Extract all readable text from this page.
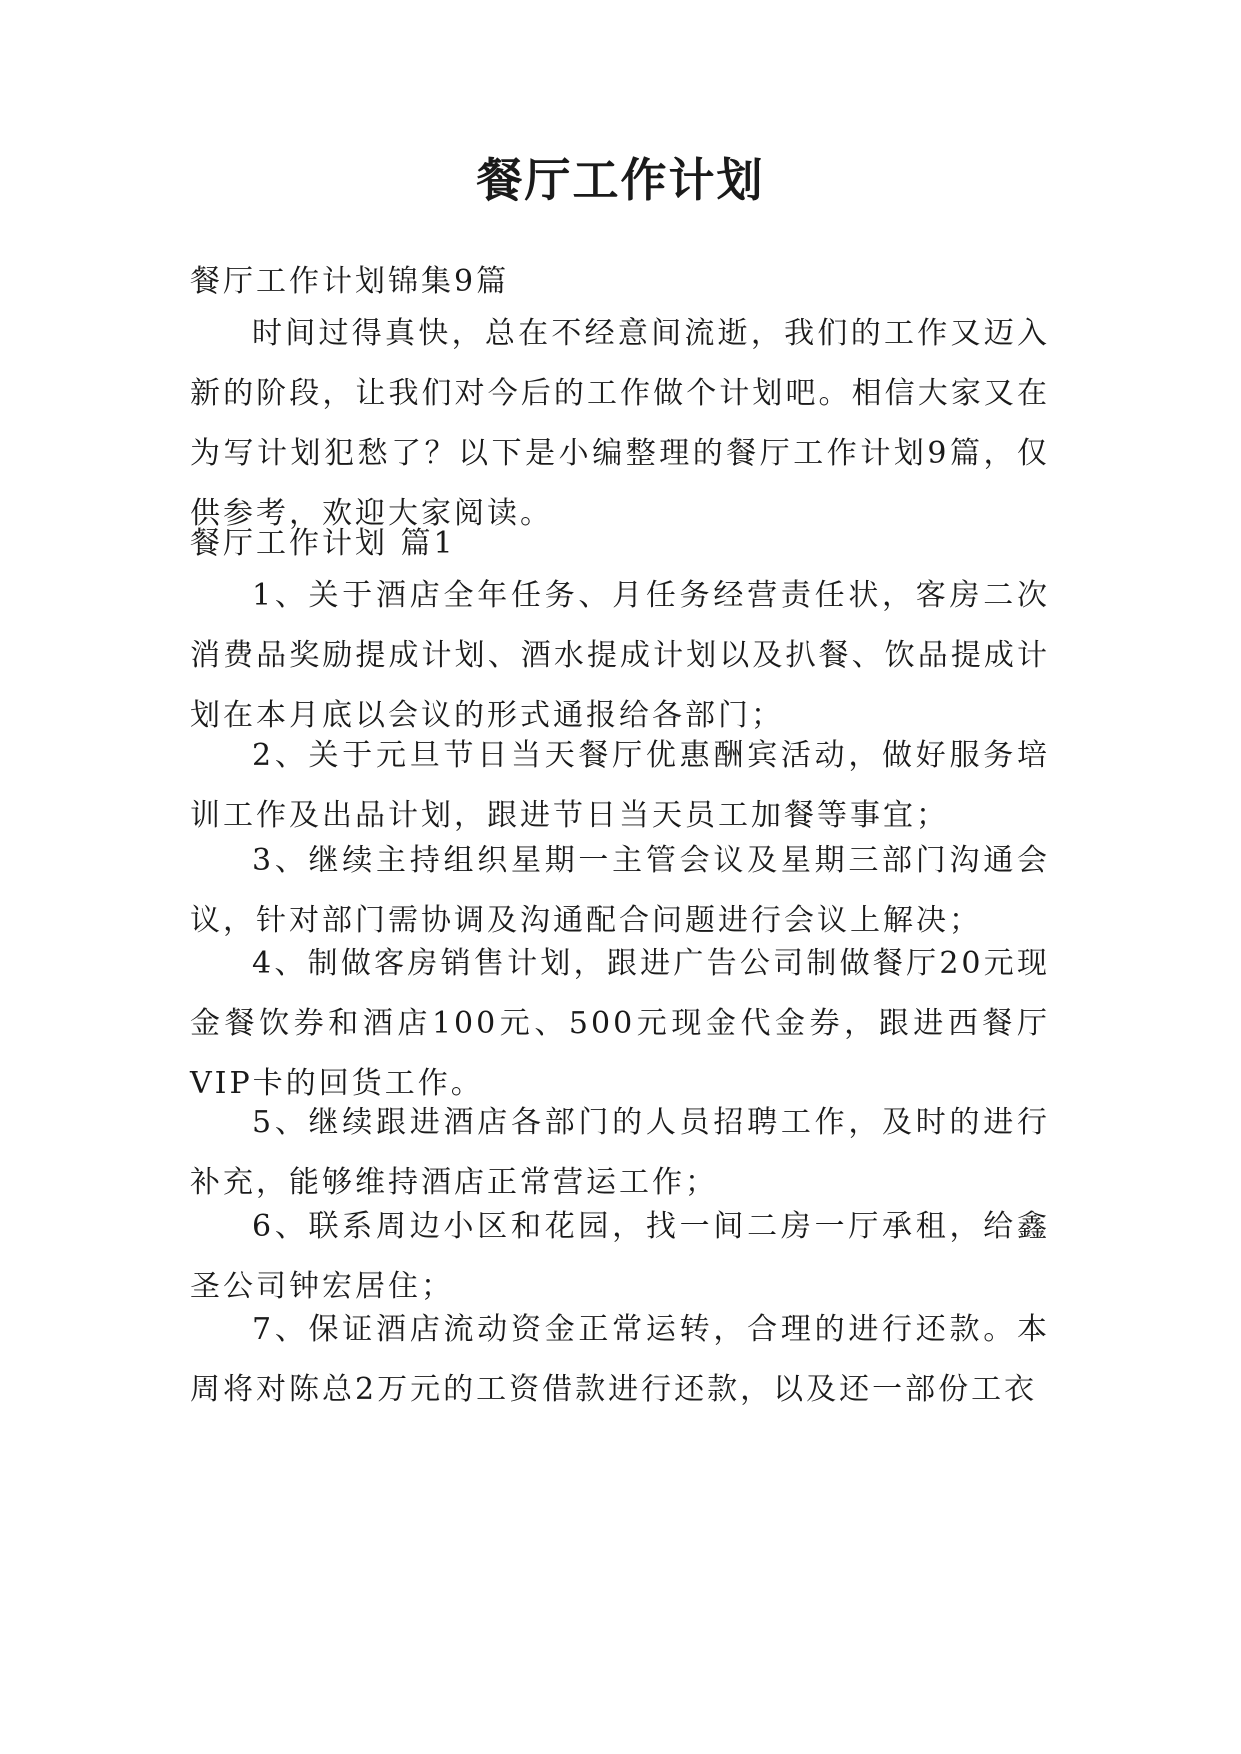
餐厅工作计划

餐厅工作计划锦集9篇

时间过得真快，总在不经意间流逝，我们的工作又迈入新的阶段，让我们对今后的工作做个计划吧。相信大家又在为写计划犯愁了？以下是小编整理的餐厅工作计划9篇，仅供参考，欢迎大家阅读。

餐厅工作计划 篇1

1、关于酒店全年任务、月任务经营责任状，客房二次消费品奖励提成计划、酒水提成计划以及扒餐、饮品提成计划在本月底以会议的形式通报给各部门；

2、关于元旦节日当天餐厅优惠酬宾活动，做好服务培训工作及出品计划，跟进节日当天员工加餐等事宜；

3、继续主持组织星期一主管会议及星期三部门沟通会议，针对部门需协调及沟通配合问题进行会议上解决；

4、制做客房销售计划，跟进广告公司制做餐厅20元现金餐饮券和酒店100元、500元现金代金券，跟进西餐厅VIP卡的回货工作。

5、继续跟进酒店各部门的人员招聘工作，及时的进行补充，能够维持酒店正常营运工作；

6、联系周边小区和花园，找一间二房一厅承租，给鑫圣公司钟宏居住；

7、保证酒店流动资金正常运转，合理的进行还款。本周将对陈总2万元的工资借款进行还款，以及还一部份工衣
